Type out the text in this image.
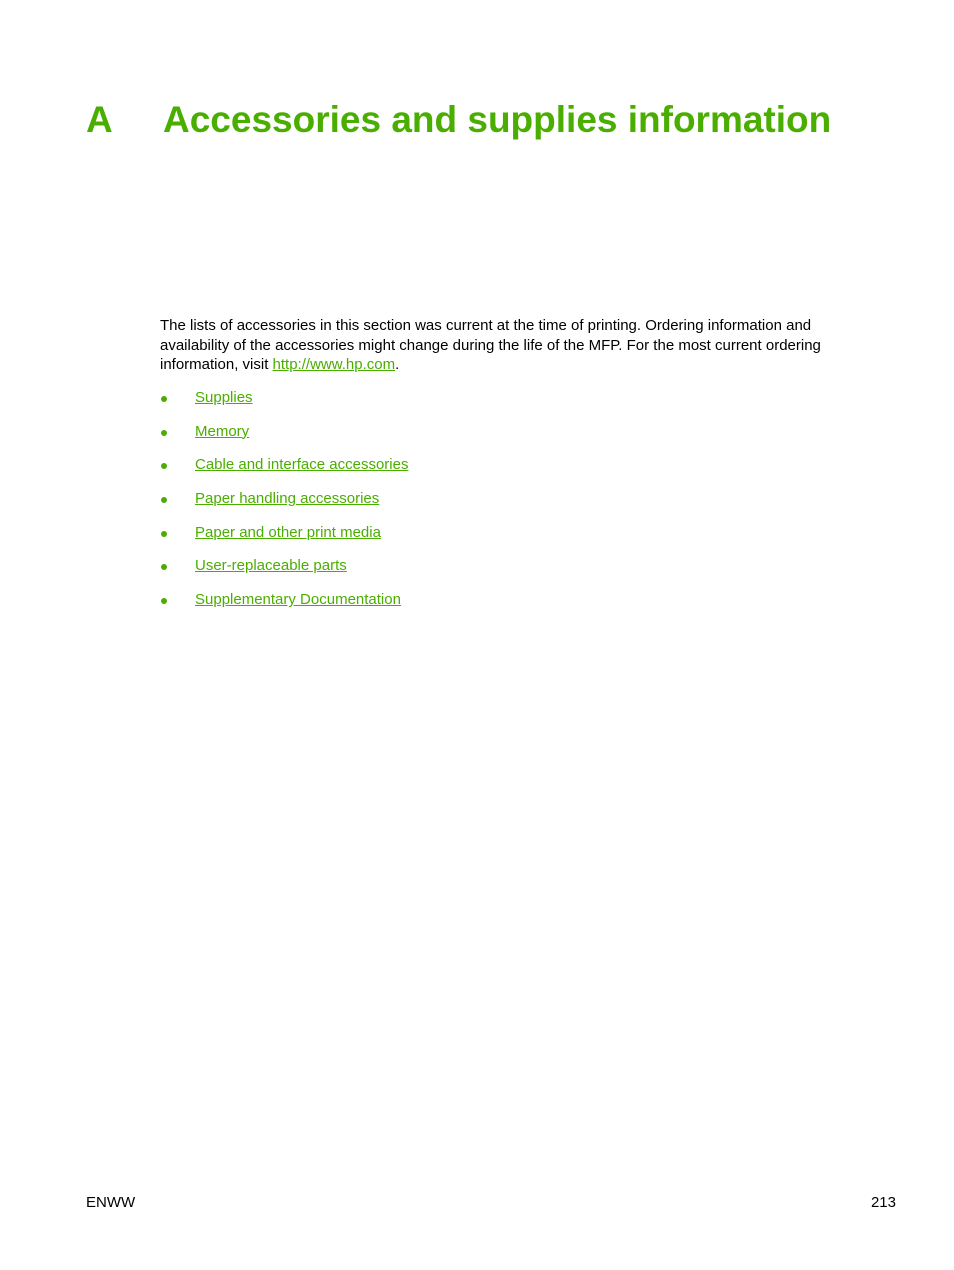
A Accessories and supplies information

The lists of accessories in this section was current at the time of printing. Ordering information and availability of the accessories might change during the life of the MFP. For the most current ordering information, visit http://www.hp.com.

Supplies
Memory
Cable and interface accessories
Paper handling accessories
Paper and other print media
User-replaceable parts
Supplementary Documentation
ENWW	213
